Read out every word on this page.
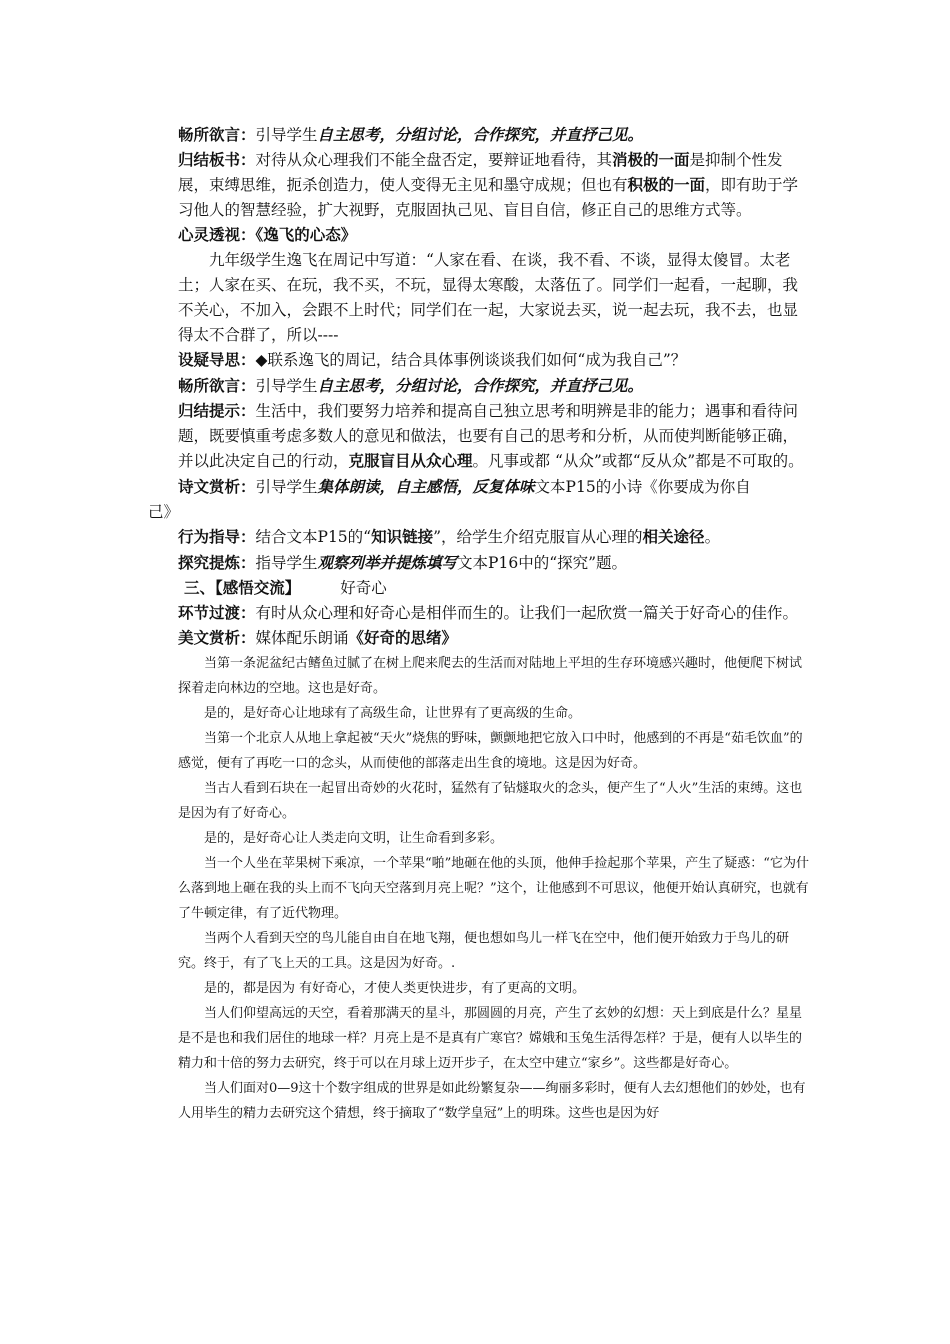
畅所欲言：引导学生自主思考，分组讨论，合作探究，并直抒己见。

归结板书：对待从众心理我们不能全盘否定，要辩证地看待，其消极的一面是抑制个性发展，束缚思维，扼杀创造力，使人变得无主见和墨守成规；但也有积极的一面，即有助于学习他人的智慧经验，扩大视野，克服固执己见、盲目自信，修正自己的思维方式等。

心灵透视：《逸飞的心态》

九年级学生逸飞在周记中写道：“人家在看、在谈，我不看、不谈，显得太傻冒。太老土；人家在买、在玩，我不买，不玩，显得太寒酸，太落伍了。同学们一起看，一起聊，我不关心，不加入，会跟不上时代；同学们在一起，大家说去买，说一起去玩，我不去，也显得太不合群了，所以----

设疑导思：◆联系逸飞的周记，结合具体事例谈谈我们如何“成为我自己”？

畅所欲言：引导学生自主思考，分组讨论，合作探究，并直抒己见。

归结提示：生活中，我们要努力培养和提高自己独立思考和明辨是非的能力；遇事和看待问题，既要慎重考虑多数人的意见和做法，也要有自己的思考和分析，从而使判断能够正确，并以此决定自己的行动，克服盲目从众心理。凡事或都 “从众”或都“反从众”都是不可取的。

诗文赏析：引导学生集体朗读，自主感悟，反复体味文本P15的小诗《你要成为你自

己》

行为指导：结合文本P15的“知识链接”，给学生介绍克服盲从心理的相关途径。

探究提炼：指导学生观察列举并提炼填写文本P16中的“探究”题。

三、【感悟交流】	好奇心

环节过渡：有时从众心理和好奇心是相伴而生的。让我们一起欣赏一篇关于好奇心的佳作。

美文赏析：媒体配乐朗诵《好奇的思绪》

当第一条泥盆纪古鳍鱼过腻了在树上爬来爬去的生活而对陆地上平坦的生存环境感兴趣时，他便爬下树试探着走向林边的空地。这也是好奇。

是的，是好奇心让地球有了高级生命，让世界有了更高级的生命。

当第一个北京人从地上拿起被“天火”烧焦的野味，颤颤地把它放入口中时，他感到的不再是“茹毛饮血”的感觉，便有了再吃一口的念头，从而使他的部落走出生食的境地。这是因为好奇。

当古人看到石块在一起冒出奇妙的火花时，猛然有了钻燧取火的念头，便产生了“人火”生活的束缚。这也是因为有了好奇心。

是的，是好奇心让人类走向文明，让生命看到多彩。

当一个人坐在苹果树下乘凉，一个苹果“啪”地砸在他的头顶，他伸手捡起那个苹果，产生了疑惑：“它为什么落到地上砸在我的头上而不飞向天空落到月亮上呢？”这个，让他感到不可思议，他便开始认真研究，也就有了牛顿定律，有了近代物理。

当两个人看到天空的鸟儿能自由自在地飞翔，便也想如鸟儿一样飞在空中，他们便开始致力于鸟儿的研究。终于，有了飞上天的工具。这是因为好奇。.

是的，都是因为 有好奇心，才使人类更快进步，有了更高的文明。

当人们仰望高远的天空，看着那满天的星斗，那圆圆的月亮，产生了玄妙的幻想：天上到底是什么？星星是不是也和我们居住的地球一样？月亮上是不是真有广寒官？嫦娥和玉兔生活得怎样？于是，便有人以毕生的精力和十倍的努力去研究，终于可以在月球上迈开步子，在太空中建立“家乡”。这些都是好奇心。

当人们面对0—9这十个数字组成的世界是如此纷繁复杂——绚丽多彩时，便有人去幻想他们的妙处，也有人用毕生的精力去研究这个猜想，终于摘取了“数学皇冠”上的明珠。这些也是因为好
